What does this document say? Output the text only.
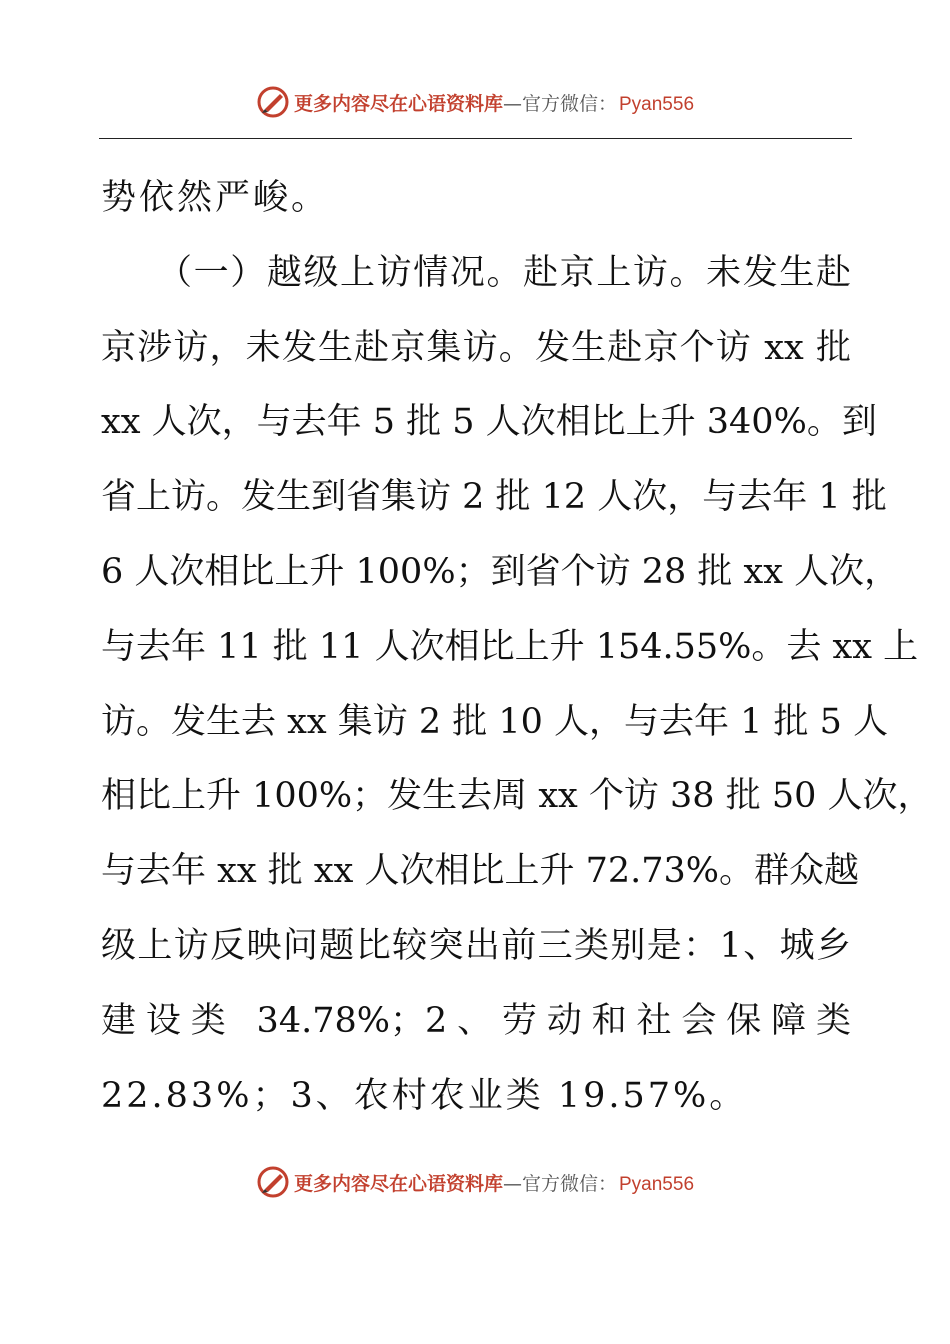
更多内容尽在心语资料库 — 官方微信： Pyan556
势依然严峻。
（一）越级上访情况。赴京上访。未发生赴
京涉访，未发生赴京集访。发生赴京个访 xx 批
xx 人次，与去年 5 批 5 人次相比上升 340%。到
省上访。发生到省集访 2 批 12 人次，与去年 1 批
6 人次相比上升 100%；到省个访 28 批 xx 人次，
与去年 11 批 11 人次相比上升 154.55%。去 xx 上
访。发生去 xx 集访 2 批 10 人，与去年 1 批 5 人
相比上升 100%；发生去周 xx 个访 38 批 50 人次，
与去年 xx 批 xx 人次相比上升 72.73%。群众越
级上访反映问题比较突出前三类别是：1、城乡
建设类 34.78%；2、劳动和社会保障类
22.83%；3、农村农业类 19.57%。
更多内容尽在心语资料库 — 官方微信： Pyan556
